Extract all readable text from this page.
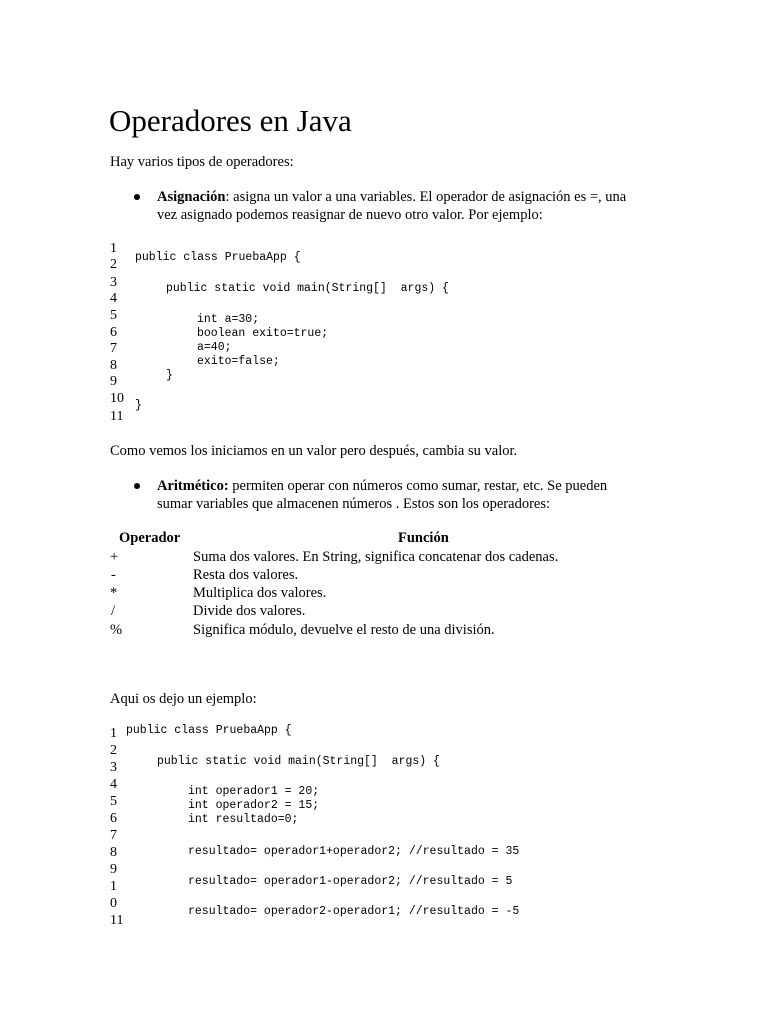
Operadores en Java
Hay varios tipos de operadores:
Asignación: asigna un valor a una variables. El operador de asignación es =, una
vez asignado podemos reasignar de nuevo otro valor. Por ejemplo:
1
2
3
4
5
6
7
8
9
10
11
public class PruebaApp {
public static void main(String[]  args) {
int a=30;
boolean exito=true;
a=40;
exito=false;
}
}
Como vemos los iniciamos en un valor pero después, cambia su valor.
Aritmético: permiten operar con números como sumar, restar, etc. Se pueden
sumar variables que almacenen números . Estos son los operadores:
Operador	Función
+	Suma dos valores. En String, significa concatenar dos cadenas.
-	Resta dos valores.
*	Multiplica dos valores.
/	Divide dos valores.
%	Significa módulo, devuelve el resto de una división.
Aqui os dejo un ejemplo:
1
2
3
4
5
6
7
8
9
1
0
11
public class PruebaApp {
public static void main(String[]  args) {
int operador1 = 20;
int operador2 = 15;
int resultado=0;
resultado= operador1+operador2; //resultado = 35
resultado= operador1-operador2; //resultado = 5
resultado= operador2-operador1; //resultado = -5
